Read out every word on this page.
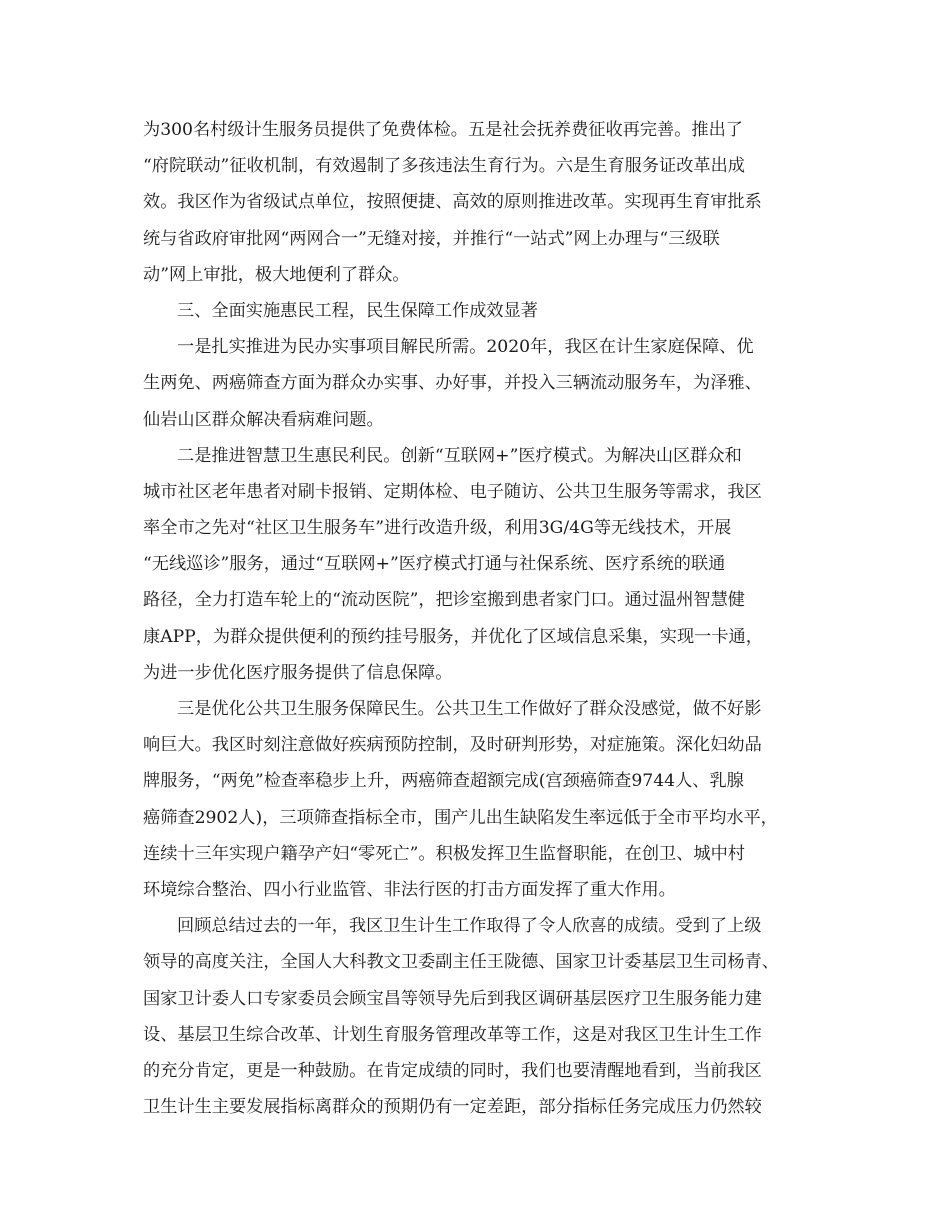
为300名村级计生服务员提供了免费体检。五是社会抚养费征收再完善。推出了
“府院联动”征收机制，有效遏制了多孩违法生育行为。六是生育服务证改革出成
效。我区作为省级试点单位，按照便捷、高效的原则推进改革。实现再生育审批系
统与省政府审批网“两网合一”无缝对接，并推行“一站式”网上办理与“三级联
动”网上审批，极大地便利了群众。
三、全面实施惠民工程，民生保障工作成效显著
一是扎实推进为民办实事项目解民所需。2020年，我区在计生家庭保障、优
生两免、两癌筛查方面为群众办实事、办好事，并投入三辆流动服务车，为泽雅、
仙岩山区群众解决看病难问题。
二是推进智慧卫生惠民利民。创新“互联网+”医疗模式。为解决山区群众和
城市社区老年患者对刷卡报销、定期体检、电子随访、公共卫生服务等需求，我区
率全市之先对“社区卫生服务车”进行改造升级，利用3G/4G等无线技术，开展
“无线巡诊”服务，通过“互联网+”医疗模式打通与社保系统、医疗系统的联通
路径，全力打造车轮上的“流动医院”，把诊室搬到患者家门口。通过温州智慧健
康APP，为群众提供便利的预约挂号服务，并优化了区域信息采集，实现一卡通，
为进一步优化医疗服务提供了信息保障。
三是优化公共卫生服务保障民生。公共卫生工作做好了群众没感觉，做不好影
响巨大。我区时刻注意做好疾病预防控制，及时研判形势，对症施策。深化妇幼品
牌服务，“两免”检查率稳步上升，两癌筛查超额完成(宫颈癌筛查9744人、乳腺
癌筛查2902人)，三项筛查指标全市，围产儿出生缺陷发生率远低于全市平均水平，
连续十三年实现户籍孕产妇“零死亡”。积极发挥卫生监督职能，在创卫、城中村
环境综合整治、四小行业监管、非法行医的打击方面发挥了重大作用。
回顾总结过去的一年，我区卫生计生工作取得了令人欣喜的成绩。受到了上级
领导的高度关注，全国人大科教文卫委副主任王陇德、国家卫计委基层卫生司杨青、
国家卫计委人口专家委员会顾宝昌等领导先后到我区调研基层医疗卫生服务能力建
设、基层卫生综合改革、计划生育服务管理改革等工作，这是对我区卫生计生工作
的充分肯定，更是一种鼓励。在肯定成绩的同时，我们也要清醒地看到，当前我区
卫生计生主要发展指标离群众的预期仍有一定差距，部分指标任务完成压力仍然较
